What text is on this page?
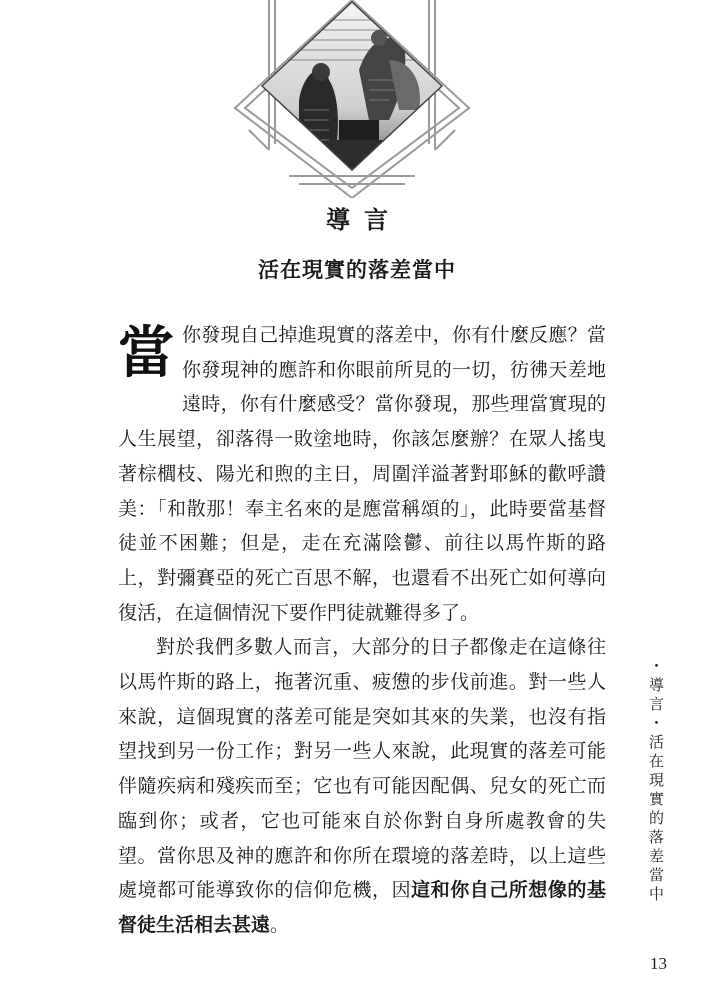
導言
活在現實的落差當中

當你發現自己掉進現實的落差中，你有什麼反應？當你發現神的應許和你眼前所見的一切，彷彿天差地遠時，你有什麼感受？當你發現，那些理當實現的人生展望，卻落得一敗塗地時，你該怎麼辦？在眾人搖曳著棕櫚枝、陽光和煦的主日，周圍洋溢著對耶穌的歡呼讚美：「和散那！奉主名來的是應當稱頌的」，此時要當基督徒並不困難；但是，走在充滿陰鬱、前往以馬忤斯的路上，對彌賽亞的死亡百思不解，也還看不出死亡如何導向復活，在這個情況下要作門徒就難得多了。

對於我們多數人而言，大部分的日子都像走在這條往以馬忤斯的路上，拖著沉重、疲憊的步伐前進。對一些人來說，這個現實的落差可能是突如其來的失業，也沒有指望找到另一份工作；對另一些人來說，此現實的落差可能伴隨疾病和殘疾而至；它也有可能因配偶、兒女的死亡而臨到你；或者，它也可能來自於你對自身所處教會的失望。當你思及神的應許和你所在環境的落差時，以上這些處境都可能導致你的信仰危機，因這和你自己所想像的基督徒生活相去甚遠。

・導言・活在現實的落差當中
13
